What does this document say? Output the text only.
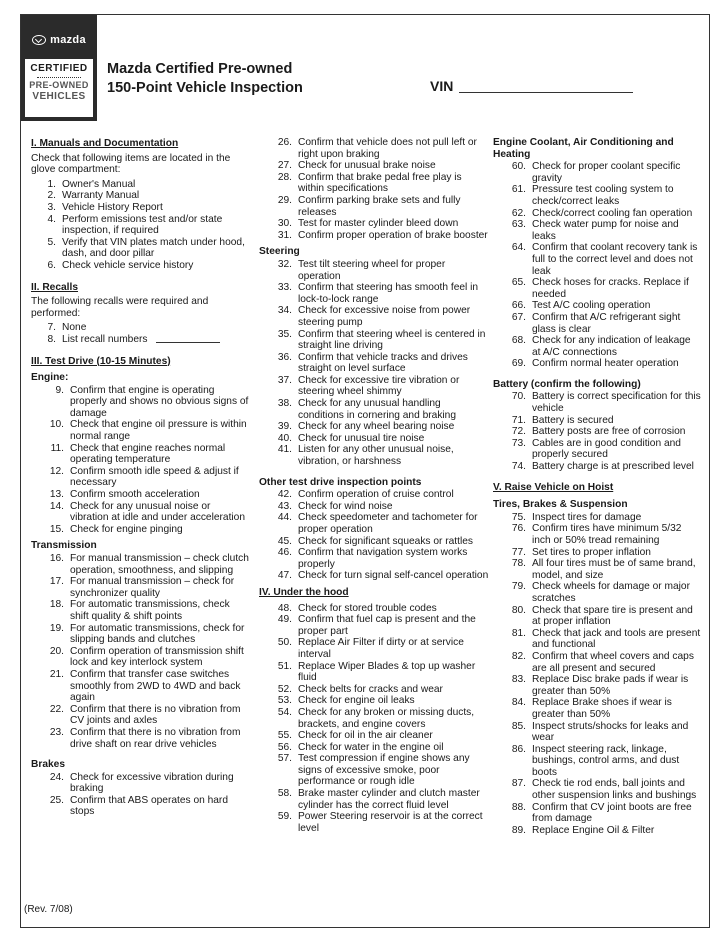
mazda
CERTIFIED
PRE-OWNED
VEHICLES
Mazda Certified Pre-owned
150-Point Vehicle Inspection	VIN
I. Manuals and Documentation
Check that following items are located in the glove compartment:
1. Owner's Manual
2. Warranty Manual
3. Vehicle History Report
4. Perform emissions test and/or state inspection, if required
5. Verify that VIN plates match under hood, dash, and door pillar
6. Check vehicle service history
II. Recalls
The following recalls were required and performed:
7. None
8. List recall numbers
III. Test Drive (10-15 Minutes)
Engine:
9. Confirm that engine is operating properly and shows no obvious signs of damage
10. Check that engine oil pressure is within normal range
11. Check that engine reaches normal operating temperature
12. Confirm smooth idle speed & adjust if necessary
13. Confirm smooth acceleration
14. Check for any unusual noise or vibration at idle and under acceleration
15. Check for engine pinging
Transmission
16. For manual transmission – check clutch operation, smoothness, and slipping
17. For manual transmission – check for synchronizer quality
18. For automatic transmissions, check shift quality & shift points
19. For automatic transmissions, check for slipping bands and clutches
20. Confirm operation of transmission shift lock and key interlock system
21. Confirm that transfer case switches smoothly from 2WD to 4WD and back again
22. Confirm that there is no vibration from CV joints and axles
23. Confirm that there is no vibration from drive shaft on rear drive vehicles
Brakes
24. Check for excessive vibration during braking
25. Confirm that ABS operates on hard stops
26. Confirm that vehicle does not pull left or right upon braking
27. Check for unusual brake noise
28. Confirm that brake pedal free play is within specifications
29. Confirm parking brake sets and fully releases
30. Test for master cylinder bleed down
31. Confirm proper operation of brake booster
Steering
32. Test tilt steering wheel for proper operation
33. Confirm that steering has smooth feel in lock-to-lock range
34. Check for excessive noise from power steering pump
35. Confirm that steering wheel is centered in straight line driving
36. Confirm that vehicle tracks and drives straight on level surface
37. Check for excessive tire vibration or steering wheel shimmy
38. Check for any unusual handling conditions in cornering and braking
39. Check for any wheel bearing noise
40. Check for unusual tire noise
41. Listen for any other unusual noise, vibration, or harshness
Other test drive inspection points
42. Confirm operation of cruise control
43. Check for wind noise
44. Check speedometer and tachometer for proper operation
45. Check for significant squeaks or rattles
46. Confirm that navigation system works properly
47. Check for turn signal self-cancel operation
IV. Under the hood
48. Check for stored trouble codes
49. Confirm that fuel cap is present and the proper part
50. Replace Air Filter if dirty or at service interval
51. Replace Wiper Blades & top up washer fluid
52. Check belts for cracks and wear
53. Check for engine oil leaks
54. Check for any broken or missing ducts, brackets, and engine covers
55. Check for oil in the air cleaner
56. Check for water in the engine oil
57. Test compression if engine shows any signs of excessive smoke, poor performance or rough idle
58. Brake master cylinder and clutch master cylinder has the correct fluid level
59. Power Steering reservoir is at the correct level
Engine Coolant, Air Conditioning and Heating
60. Check for proper coolant specific gravity
61. Pressure test cooling system to check/correct leaks
62. Check/correct cooling fan operation
63. Check water pump for noise and leaks
64. Confirm that coolant recovery tank is full to the correct level and does not leak
65. Check hoses for cracks. Replace if needed
66. Test A/C cooling operation
67. Confirm that A/C refrigerant sight glass is clear
68. Check for any indication of leakage at A/C connections
69. Confirm normal heater operation
Battery (confirm the following)
70. Battery is correct specification for this vehicle
71. Battery is secured
72. Battery posts are free of corrosion
73. Cables are in good condition and properly secured
74. Battery charge is at prescribed level
V. Raise Vehicle on Hoist
Tires, Brakes & Suspension
75. Inspect tires for damage
76. Confirm tires have minimum 5/32 inch or 50% tread remaining
77. Set tires to proper inflation
78. All four tires must be of same brand, model, and size
79. Check wheels for damage or major scratches
80. Check that spare tire is present and at proper inflation
81. Check that jack and tools are present and functional
82. Confirm that wheel covers and caps are all present and secured
83. Replace Disc brake pads if wear is greater than 50%
84. Replace Brake shoes if wear is greater than 50%
85. Inspect struts/shocks for leaks and wear
86. Inspect steering rack, linkage, bushings, control arms, and dust boots
87. Check tie rod ends, ball joints and other suspension links and bushings
88. Confirm that CV joint boots are free from damage
89. Replace Engine Oil & Filter
(Rev. 7/08)
